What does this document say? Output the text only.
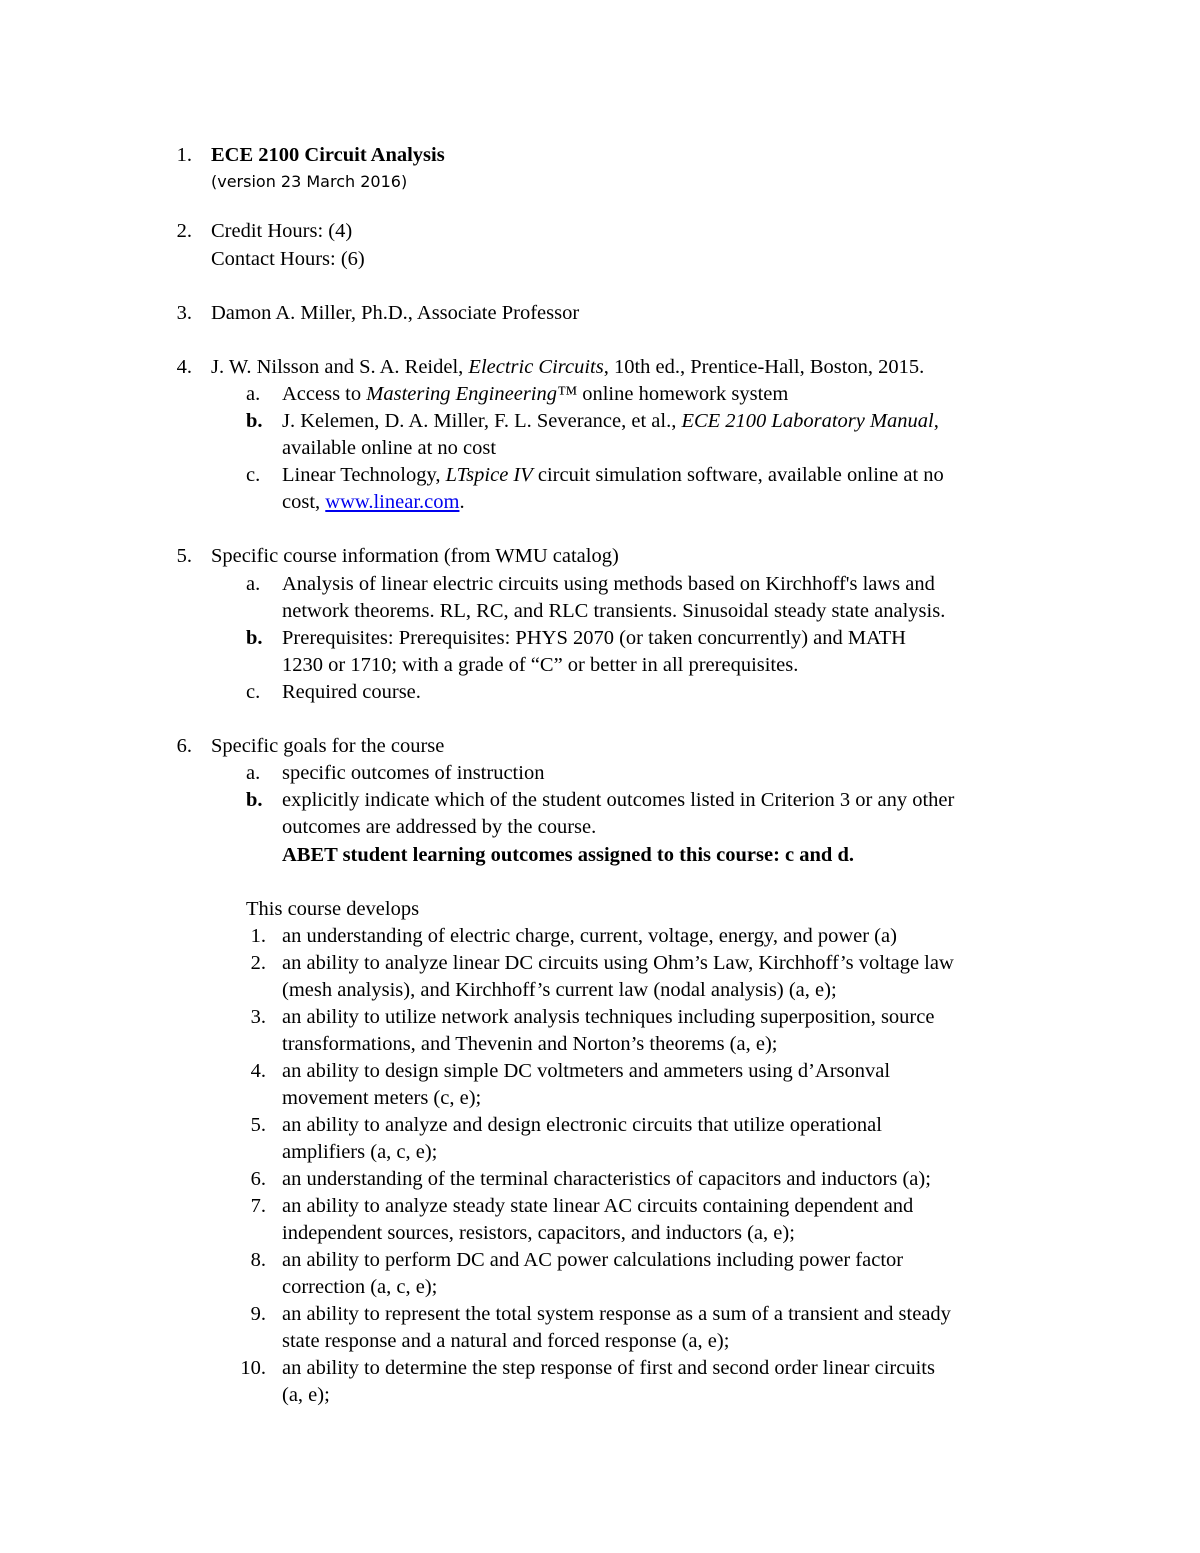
1. ECE 2100 Circuit Analysis
(version 23 March 2016)
2. Credit Hours: (4)
Contact Hours: (6)
3. Damon A. Miller, Ph.D., Associate Professor
4. J. W. Nilsson and S. A. Reidel, Electric Circuits, 10th ed., Prentice-Hall, Boston, 2015.
a. Access to Mastering Engineering™ online homework system
b. J. Kelemen, D. A. Miller, F. L. Severance, et al., ECE 2100 Laboratory Manual,
available online at no cost
c. Linear Technology, LTspice IV circuit simulation software, available online at no
cost, www.linear.com.
5. Specific course information (from WMU catalog)
a. Analysis of linear electric circuits using methods based on Kirchhoff's laws and
network theorems. RL, RC, and RLC transients. Sinusoidal steady state analysis.
b. Prerequisites: Prerequisites: PHYS 2070 (or taken concurrently) and MATH
1230 or 1710; with a grade of “C” or better in all prerequisites.
c. Required course.
6. Specific goals for the course
a. specific outcomes of instruction
b. explicitly indicate which of the student outcomes listed in Criterion 3 or any other
outcomes are addressed by the course.
ABET student learning outcomes assigned to this course: c and d.
This course develops
1. an understanding of electric charge, current, voltage, energy, and power (a)
2. an ability to analyze linear DC circuits using Ohm’s Law, Kirchhoff’s voltage law
(mesh analysis), and Kirchhoff’s current law (nodal analysis) (a, e);
3. an ability to utilize network analysis techniques including superposition, source
transformations, and Thevenin and Norton’s theorems (a, e);
4. an ability to design simple DC voltmeters and ammeters using d’Arsonval
movement meters (c, e);
5. an ability to analyze and design electronic circuits that utilize operational
amplifiers (a, c, e);
6. an understanding of the terminal characteristics of capacitors and inductors (a);
7. an ability to analyze steady state linear AC circuits containing dependent and
independent sources, resistors, capacitors, and inductors (a, e);
8. an ability to perform DC and AC power calculations including power factor
correction (a, c, e);
9. an ability to represent the total system response as a sum of a transient and steady
state response and a natural and forced response (a, e);
10. an ability to determine the step response of first and second order linear circuits
(a, e);
